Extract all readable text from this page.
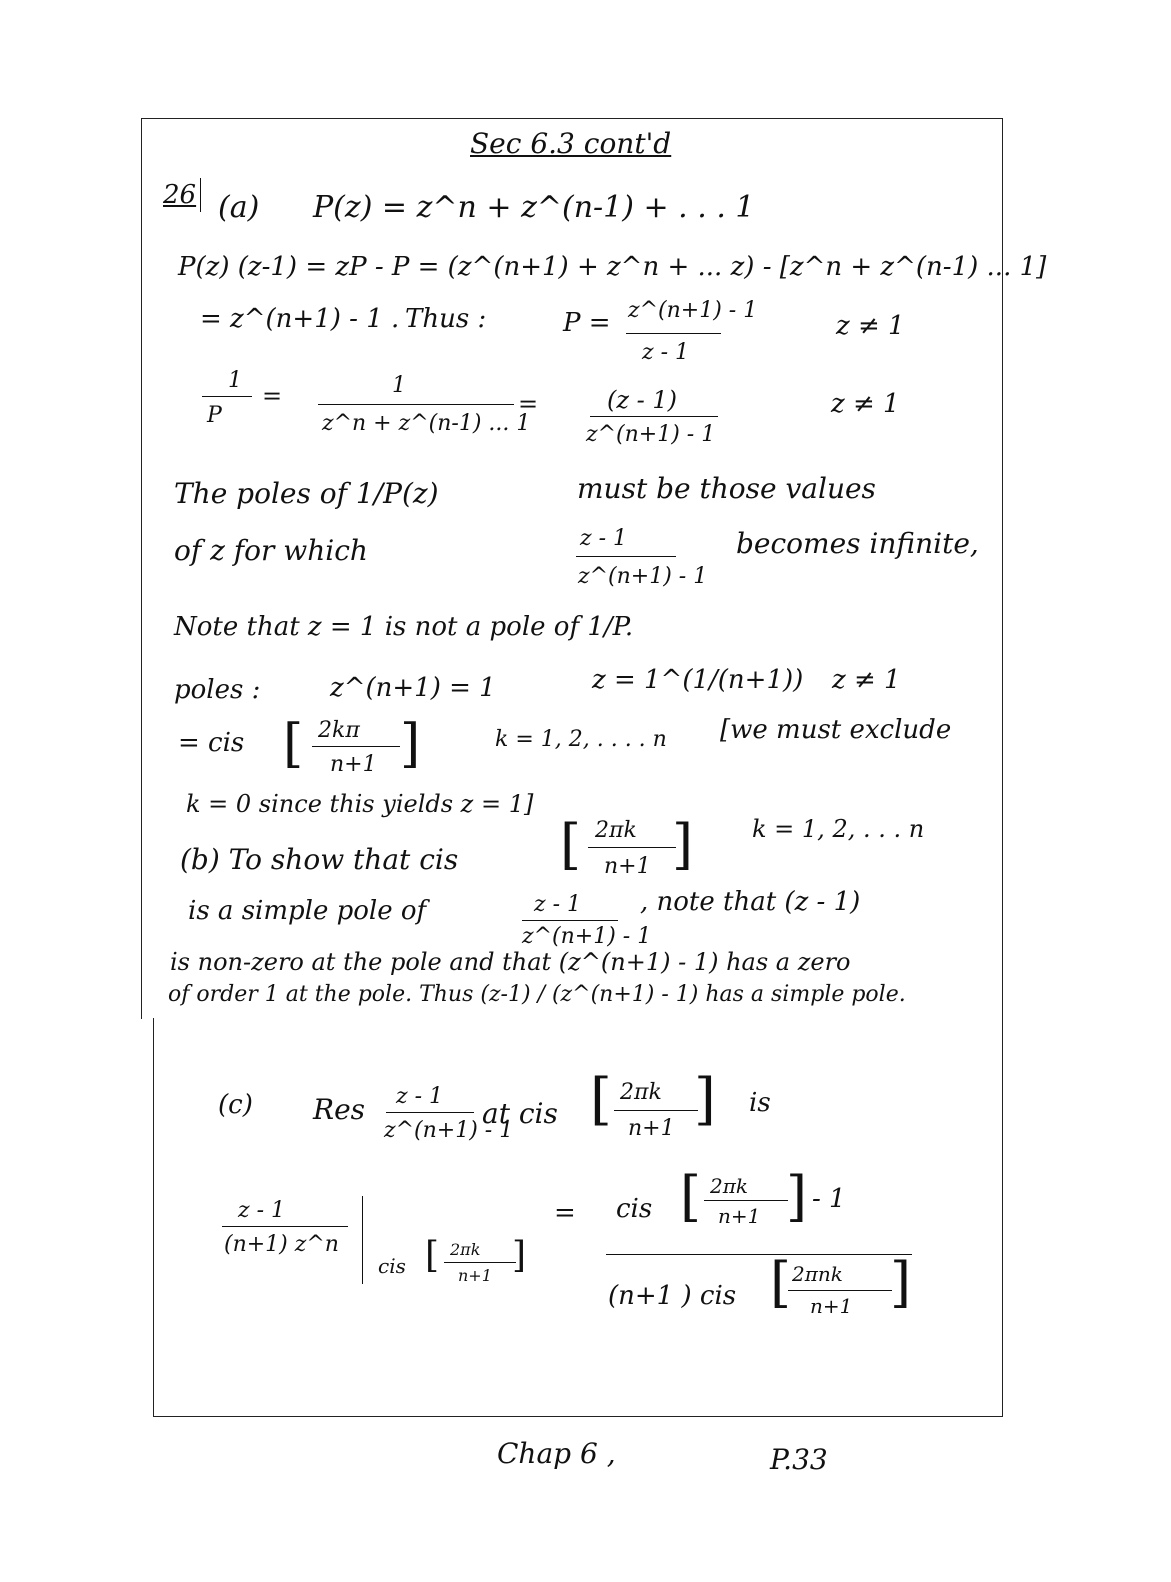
Sec 6.3 cont'd
26 (a) P(z) = z^n + z^(n-1) + . . . 1
P(z) (z-1) = zP - P = (z^(n+1) + z^n + ... z) - [z^n + z^(n-1) ... 1]
= z^(n+1) - 1 . Thus :	P = z^(n+1) - 1
z - 1
z ≠ 1
1
P
=	1
z^n + z^(n-1) ... 1
=	(z - 1)
z^(n+1) - 1
z ≠ 1
The poles of 1/P(z)	must be those values
of z for which	z - 1
z^(n+1) - 1
becomes infinite,
Note that z = 1 is not a pole of 1/P.
poles :	z^(n+1) = 1	z = 1^(1/(n+1)) z ≠ 1
= cis [ 2kπ
n+1 ]	k = 1, 2, . . . . n [we must exclude
k = 0 since this yields z = 1]
(b) To show that cis [ 2πk
n+1 ] k = 1, 2, . . . n
is a simple pole of	z - 1
z^(n+1) - 1
, note that (z - 1)
is non-zero at the pole and that (z^(n+1) - 1) has a zero
of order 1 at the pole. Thus (z-1) / (z^(n+1) - 1) has a simple pole.
(c) Res z - 1
z^(n+1) - 1
at cis [ 2πk
n+1 ] is
z - 1
(n+1) z^n
cis [ 2πk
n+1 ]
= cis [ 2πk
n+1 ] - 1
(n+1 ) cis [ 2πnk
n+1 ]
Chap 6 ,	P.33
